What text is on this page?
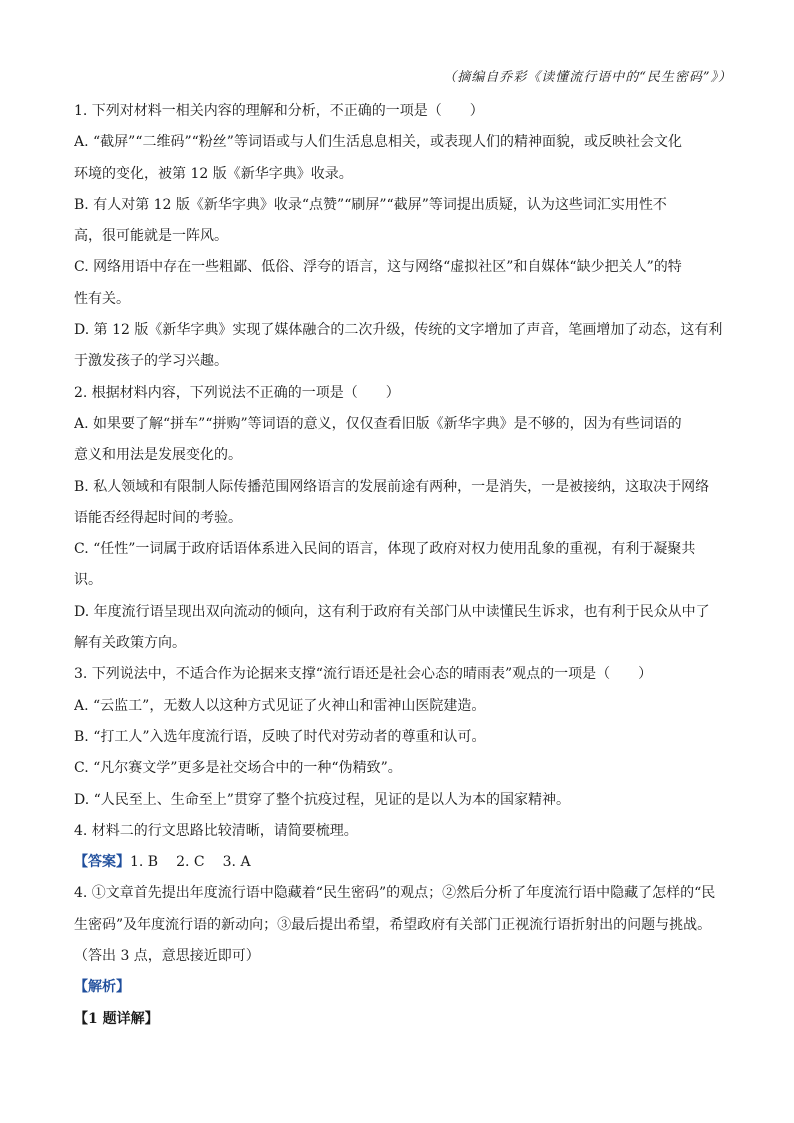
（摘编自乔彩《读懂流行语中的“民生密码”》）
1. 下列对材料一相关内容的理解和分析，不正确的一项是（　　）
A. “截屏”“二维码”“粉丝”等词语或与人们生活息息相关，或表现人们的精神面貌，或反映社会文化
环境的变化，被第 12 版《新华字典》收录。
B. 有人对第 12 版《新华字典》收录“点赞”“刷屏”“截屏”等词提出质疑，认为这些词汇实用性不
高，很可能就是一阵风。
C. 网络用语中存在一些粗鄙、低俗、浮夸的语言，这与网络“虚拟社区”和自媒体“缺少把关人”的特
性有关。
D. 第 12 版《新华字典》实现了媒体融合的二次升级，传统的文字增加了声音，笔画增加了动态，这有利
于激发孩子的学习兴趣。
2. 根据材料内容，下列说法不正确的一项是（　　）
A. 如果要了解“拼车”“拼购”等词语的意义，仅仅查看旧版《新华字典》是不够的，因为有些词语的
意义和用法是发展变化的。
B. 私人领域和有限制人际传播范围网络语言的发展前途有两种，一是消失，一是被接纳，这取决于网络
语能否经得起时间的考验。
C. “任性”一词属于政府话语体系进入民间的语言，体现了政府对权力使用乱象的重视，有利于凝聚共
识。
D. 年度流行语呈现出双向流动的倾向，这有利于政府有关部门从中读懂民生诉求，也有利于民众从中了
解有关政策方向。
3. 下列说法中，不适合作为论据来支撑“流行语还是社会心态的晴雨表”观点的一项是（　　）
A. “云监工”，无数人以这种方式见证了火神山和雷神山医院建造。
B. “打工人”入选年度流行语，反映了时代对劳动者的尊重和认可。
C. “凡尔赛文学”更多是社交场合中的一种“伪精致”。
D. “人民至上、生命至上”贯穿了整个抗疫过程，见证的是以人为本的国家精神。
4. 材料二的行文思路比较清晰，请简要梳理。
【答案】1. B 2. C 3. A
4. ①文章首先提出年度流行语中隐藏着“民生密码”的观点；②然后分析了年度流行语中隐藏了怎样的“民
生密码”及年度流行语的新动向；③最后提出希望，希望政府有关部门正视流行语折射出的问题与挑战。
（答出 3 点，意思接近即可）
【解析】
【1 题详解】
